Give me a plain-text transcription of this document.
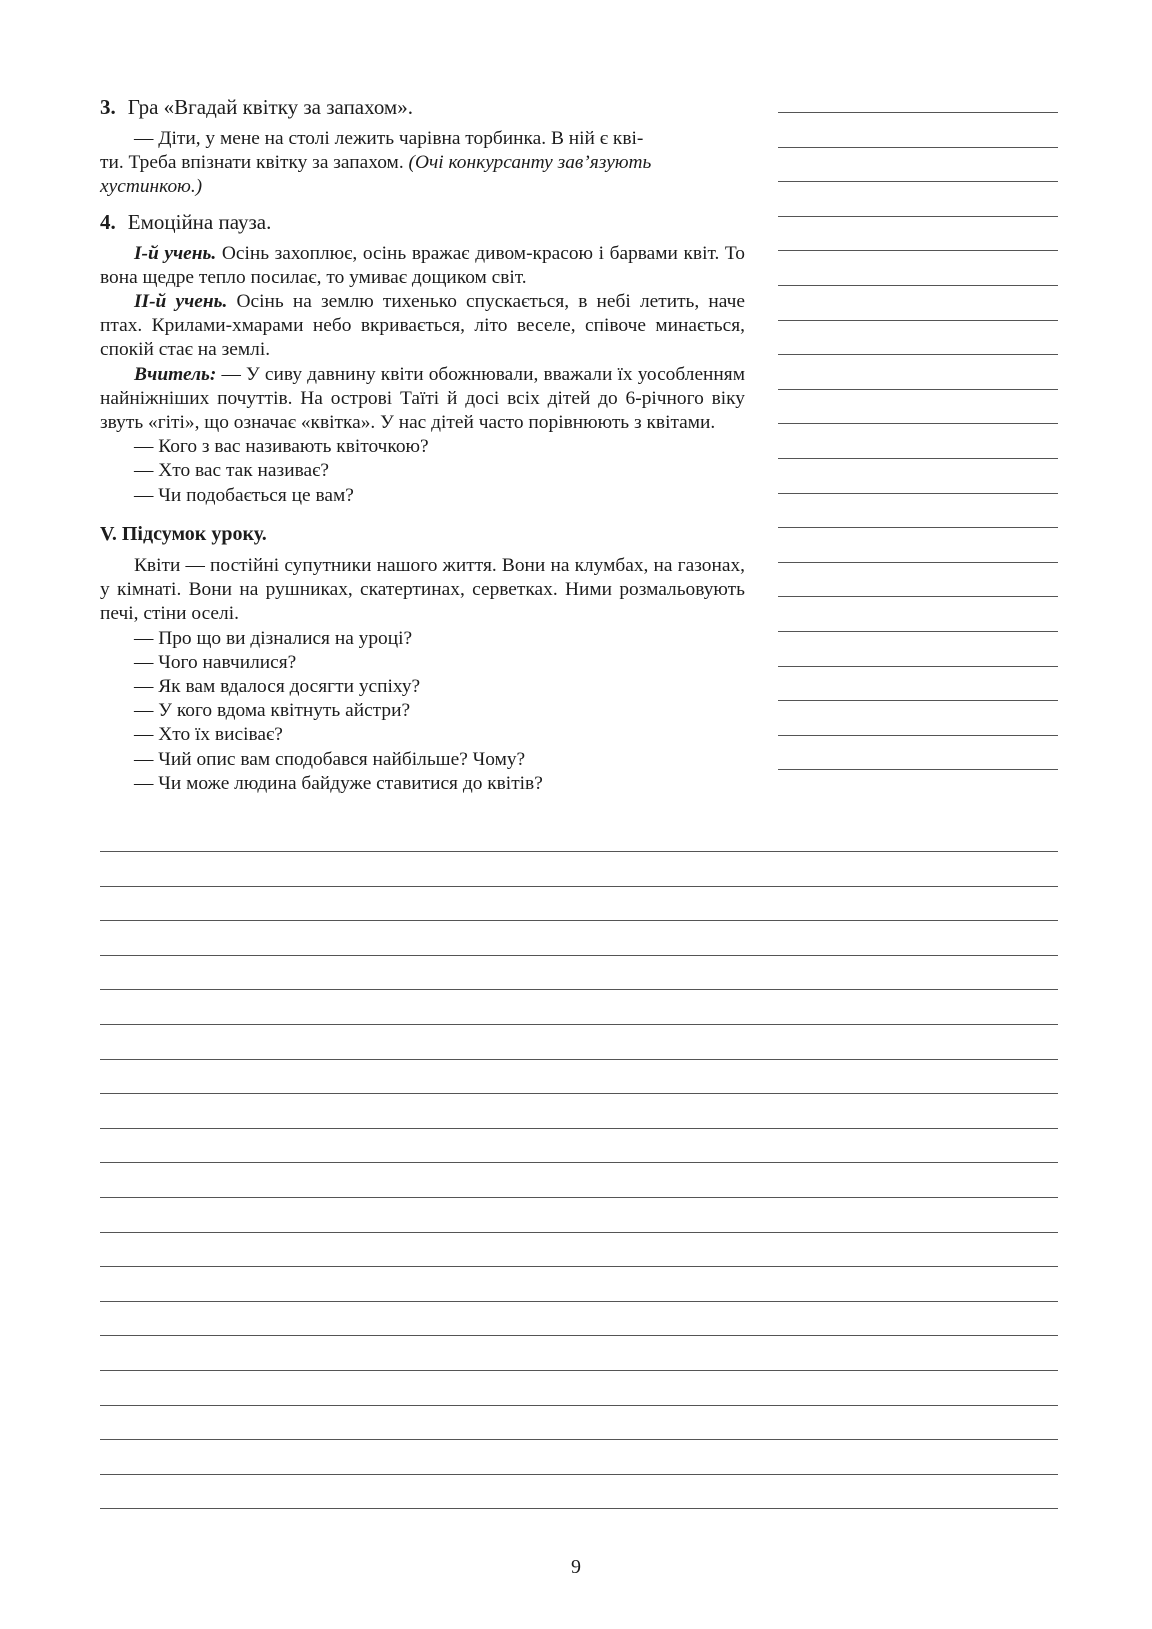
3. Гра «Вгадай квітку за запахом».

— Діти, у мене на столі лежить чарівна торбинка. В ній є кві-
ти. Треба впізнати квітку за запахом. (Очі конкурсанту зав’язують
хустинкою.)

4. Емоційна пауза.

І-й учень. Осінь захоплює, осінь вражає дивом-красою і барвами квіт. То вона щедре тепло посилає, то умиває дощиком світ.

ІІ-й учень. Осінь на землю тихенько спускається, в небі летить, наче птах. Крилами-хмарами небо вкривається, літо веселе, співоче минається, спокій стає на землі.

Вчитель: — У сиву давнину квіти обожнювали, вважали їх уособленням найніжніших почуттів. На острові Таїті й досі всіх дітей до 6-річного віку звуть «гіті», що означає «квітка». У нас дітей часто порівнюють з квітами.

— Кого з вас називають квіточкою?

— Хто вас так називає?

— Чи подобається це вам?

V. Підсумок уроку.

Квіти — постійні супутники нашого життя. Вони на клумбах, на газонах, у кімнаті. Вони на рушниках, скатертинах, серветках. Ними розмальовують печі, стіни оселі.

— Про що ви дізналися на уроці?

— Чого навчилися?

— Як вам вдалося досягти успіху?

— У кого вдома квітнуть айстри?

— Хто їх висіває?

— Чий опис вам сподобався найбільше? Чому?

— Чи може людина байдуже ставитися до квітів?

9
